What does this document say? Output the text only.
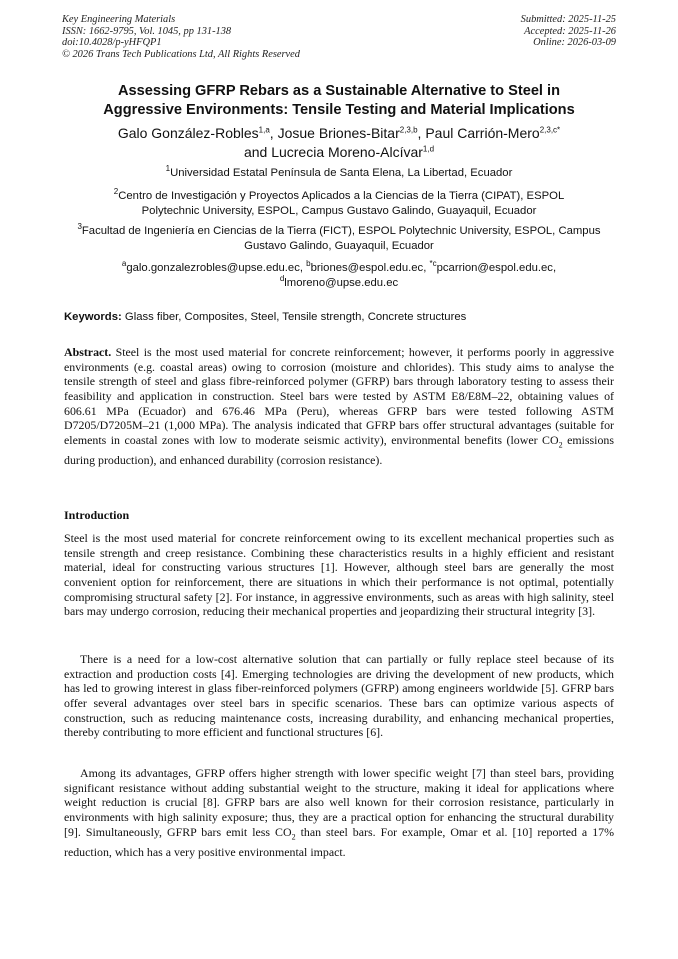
Key Engineering Materials
ISSN: 1662-9795, Vol. 1045, pp 131-138
doi:10.4028/p-yHFQP1
© 2026 Trans Tech Publications Ltd, All Rights Reserved
Submitted: 2025-11-25
Accepted: 2025-11-26
Online: 2026-03-09
Assessing GFRP Rebars as a Sustainable Alternative to Steel in
Aggressive Environments: Tensile Testing and Material Implications
Galo González-Robles$^{1,a}$, Josue Briones-Bitar$^{2,3,b}$, Paul Carrión-Mero$^{2,3,c*}$
and Lucrecia Moreno-Alcívar$^{1,d}$
$^1$Universidad Estatal Península de Santa Elena, La Libertad, Ecuador
$^2$Centro de Investigación y Proyectos Aplicados a la Ciencias de la Tierra (CIPAT), ESPOL Polytechnic University, ESPOL, Campus Gustavo Galindo, Guayaquil, Ecuador
$^3$Facultad de Ingeniería en Ciencias de la Tierra (FICT), ESPOL Polytechnic University, ESPOL, Campus Gustavo Galindo, Guayaquil, Ecuador
$^a$galo.gonzalezrobles@upse.edu.ec, $^b$briones@espol.edu.ec, $^{*c}$pcarrion@espol.edu.ec,
$^d$lmoreno@upse.edu.ec
Keywords: Glass fiber, Composites, Steel, Tensile strength, Concrete structures
Abstract. Steel is the most used material for concrete reinforcement; however, it performs poorly in aggressive environments (e.g. coastal areas) owing to corrosion (moisture and chlorides). This study aims to analyse the tensile strength of steel and glass fibre-reinforced polymer (GFRP) bars through laboratory testing to assess their feasibility and application in construction. Steel bars were tested by ASTM E8/E8M–22, obtaining values of 606.61 MPa (Ecuador) and 676.46 MPa (Peru), whereas GFRP bars were tested following ASTM D7205/D7205M–21 (1,000 MPa). The analysis indicated that GFRP bars offer structural advantages (suitable for elements in coastal zones with low to moderate seismic activity), environmental benefits (lower $CO_2$ emissions during production), and enhanced durability (corrosion resistance).
Introduction
Steel is the most used material for concrete reinforcement owing to its excellent mechanical properties such as tensile strength and creep resistance. Combining these characteristics results in a highly efficient and resistant material, ideal for constructing various structures [1]. However, although steel bars are generally the most convenient option for reinforcement, there are situations in which their performance is not optimal, potentially compromising structural safety [2]. For instance, in aggressive environments, such as areas with high salinity, steel bars may undergo corrosion, reducing their mechanical properties and jeopardizing their structural integrity [3].
There is a need for a low-cost alternative solution that can partially or fully replace steel because of its extraction and production costs [4]. Emerging technologies are driving the development of new products, which has led to growing interest in glass fiber-reinforced polymers (GFRP) among engineers worldwide [5]. GFRP bars offer several advantages over steel bars in specific scenarios. These bars can optimize various aspects of construction, such as reducing maintenance costs, increasing durability, and enhancing mechanical properties, thereby contributing to more efficient and functional structures [6].
Among its advantages, GFRP offers higher strength with lower specific weight [7] than steel bars, providing significant resistance without adding substantial weight to the structure, making it ideal for applications where weight reduction is crucial [8]. GFRP bars are also well known for their corrosion resistance, particularly in environments with high salinity exposure; thus, they are a practical option for enhancing the structural durability [9]. Simultaneously, GFRP bars emit less $CO_2$ than steel bars. For example, Omar et al. [10] reported a 17% reduction, which has a very positive environmental impact.
